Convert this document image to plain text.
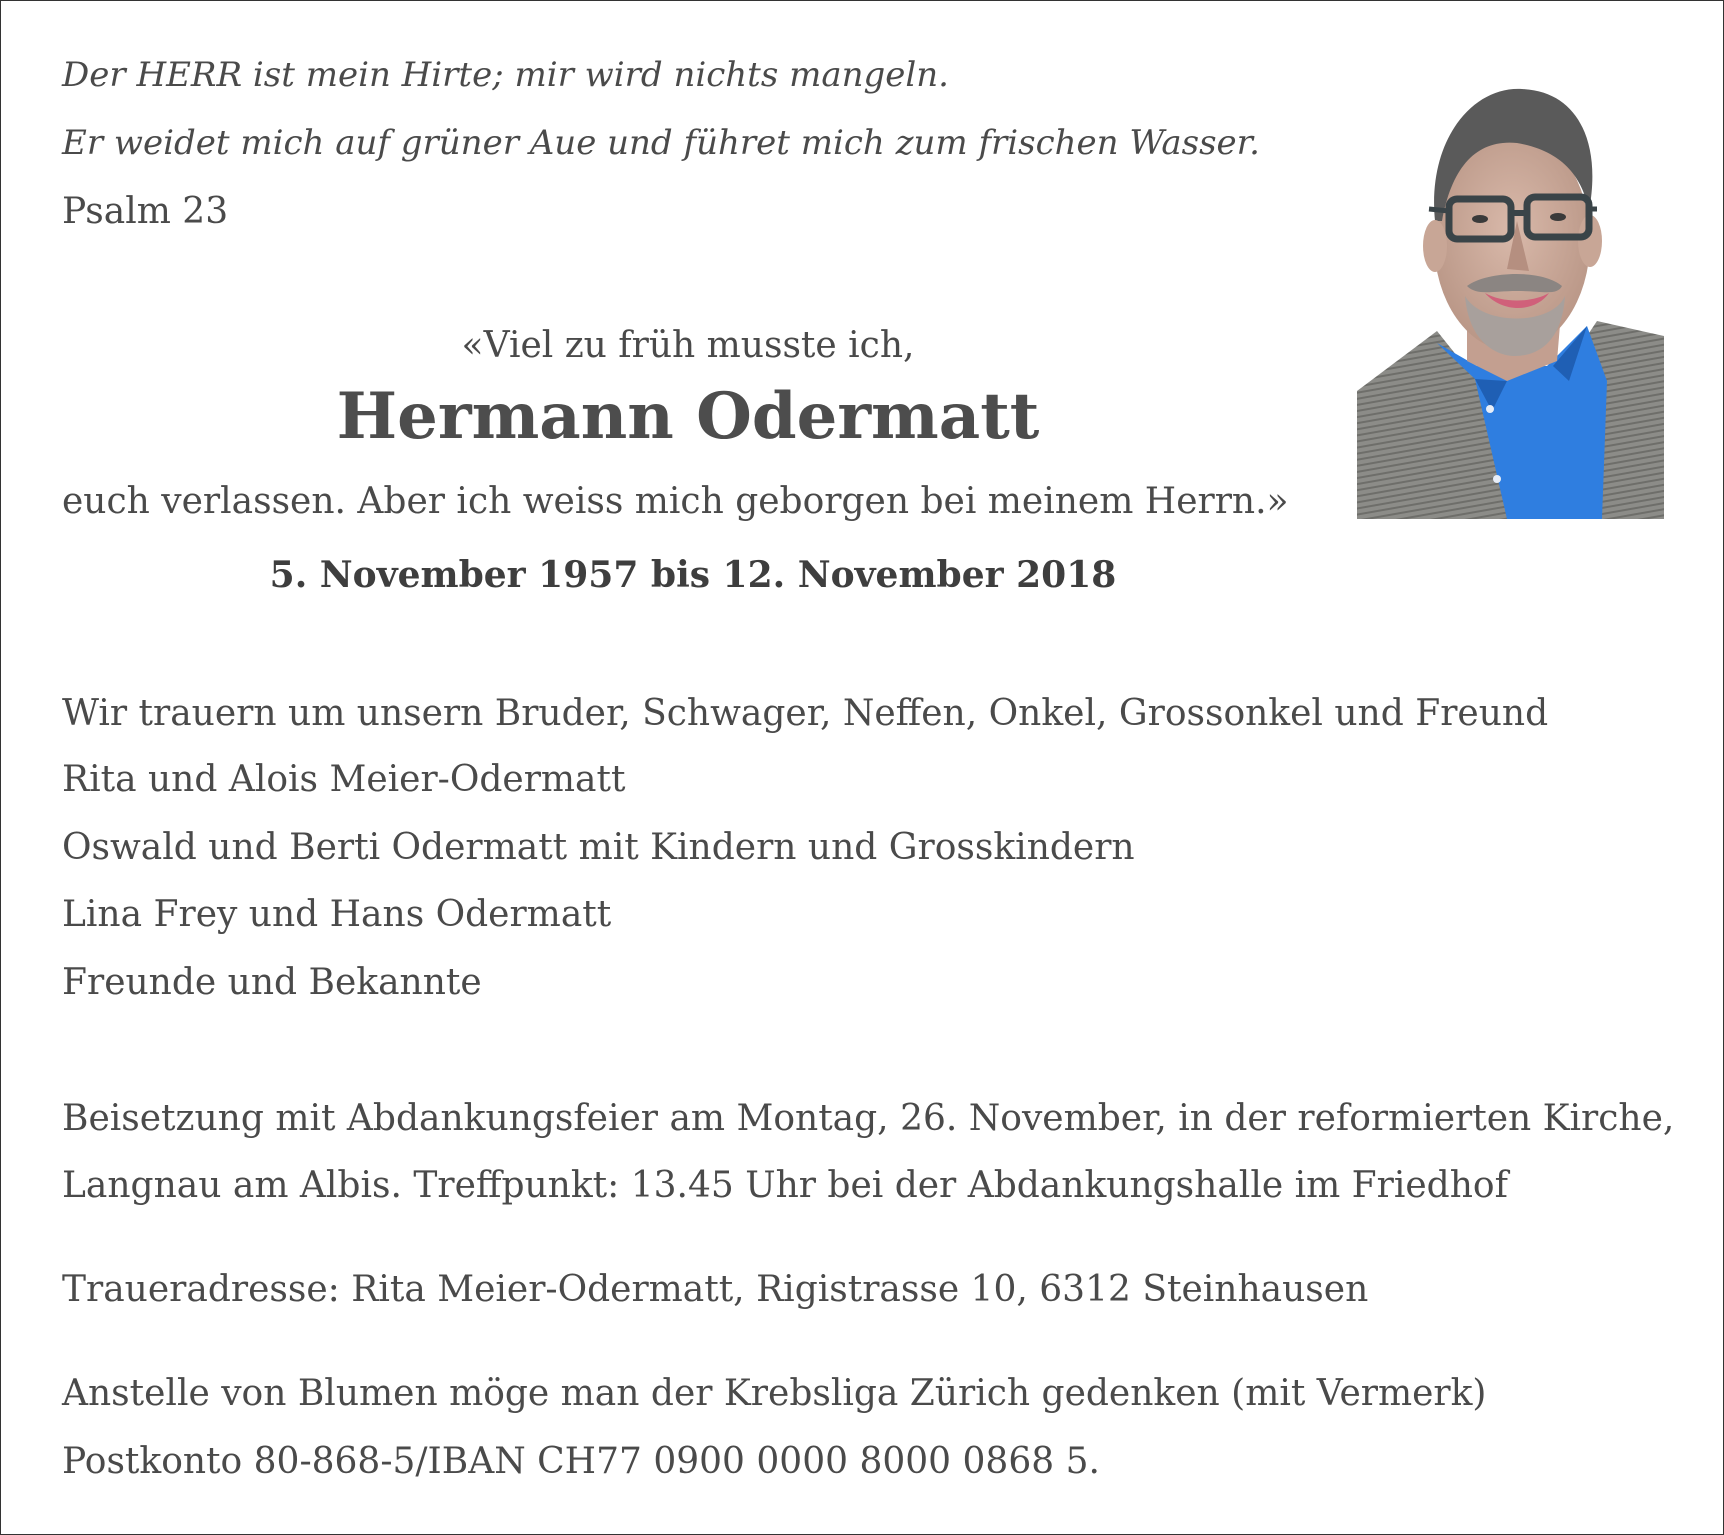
Der HERR ist mein Hirte; mir wird nichts mangeln.

Er weidet mich auf grüner Aue und führet mich zum frischen Wasser.

Psalm 23

«Viel zu früh musste ich,

Hermann Odermatt

euch verlassen. Aber ich weiss mich geborgen bei meinem Herrn.»

5. November 1957 bis 12. November 2018

Wir trauern um unsern Bruder, Schwager, Neffen, Onkel, Grossonkel und Freund

Rita und Alois Meier-Odermatt

Oswald und Berti Odermatt mit Kindern und Grosskindern

Lina Frey und Hans Odermatt

Freunde und Bekannte

Beisetzung mit Abdankungsfeier am Montag, 26. November, in der reformierten Kirche,

Langnau am Albis. Treffpunkt: 13.45 Uhr bei der Abdankungshalle im Friedhof

Traueradresse: Rita Meier-Odermatt, Rigistrasse 10, 6312 Steinhausen

Anstelle von Blumen möge man der Krebsliga Zürich gedenken (mit Vermerk)

Postkonto 80-868-5/IBAN CH77 0900 0000 8000 0868 5.
